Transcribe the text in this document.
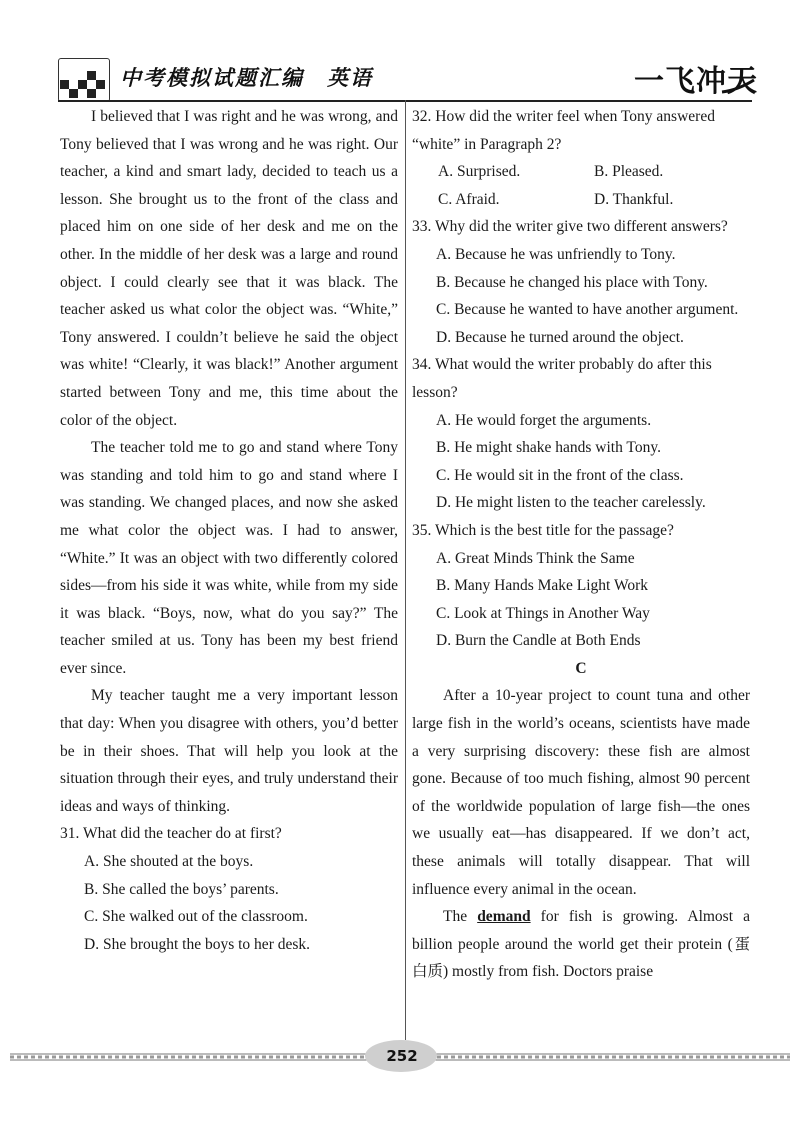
中考模拟试题汇编　英语	一飞冲天

I believed that I was right and he was wrong, and Tony believed that I was wrong and he was right. Our teacher, a kind and smart lady, decided to teach us a lesson. She brought us to the front of the class and placed him on one side of her desk and me on the other. In the middle of her desk was a large and round object. I could clearly see that it was black. The teacher asked us what color the object was. “White,” Tony answered. I couldn’t believe he said the object was white! “Clearly, it was black!” Another argument started between Tony and me, this time about the color of the object.

The teacher told me to go and stand where Tony was standing and told him to go and stand where I was standing. We changed places, and now she asked me what color the object was. I had to answer, “White.” It was an object with two differently colored sides—from his side it was white, while from my side it was black. “Boys, now, what do you say?” The teacher smiled at us. Tony has been my best friend ever since.

My teacher taught me a very important lesson that day: When you disagree with others, you’d better be in their shoes. That will help you look at the situation through their eyes, and truly understand their ideas and ways of thinking.

31. What did the teacher do at first?

A. She shouted at the boys.

B. She called the boys’ parents.

C. She walked out of the classroom.

D. She brought the boys to her desk.

32. How did the writer feel when Tony answered “white” in Paragraph 2?

A. Surprised.	B. Pleased.
C. Afraid.	D. Thankful.

33. Why did the writer give two different answers?

A. Because he was unfriendly to Tony.

B. Because he changed his place with Tony.

C. Because he wanted to have another argument.

D. Because he turned around the object.

34. What would the writer probably do after this lesson?

A. He would forget the arguments.

B. He might shake hands with Tony.

C. He would sit in the front of the class.

D. He might listen to the teacher carelessly.

35. Which is the best title for the passage?

A. Great Minds Think the Same

B. Many Hands Make Light Work

C. Look at Things in Another Way

D. Burn the Candle at Both Ends

C

After a 10-year project to count tuna and other large fish in the world’s oceans, scientists have made a very surprising discovery: these fish are almost gone. Because of too much fishing, almost 90 percent of the worldwide population of large fish—the ones we usually eat—has disappeared. If we don’t act, these animals will totally disappear. That will influence every animal in the ocean.

The demand for fish is growing. Almost a billion people around the world get their protein (蛋白质) mostly from fish. Doctors praise

252
